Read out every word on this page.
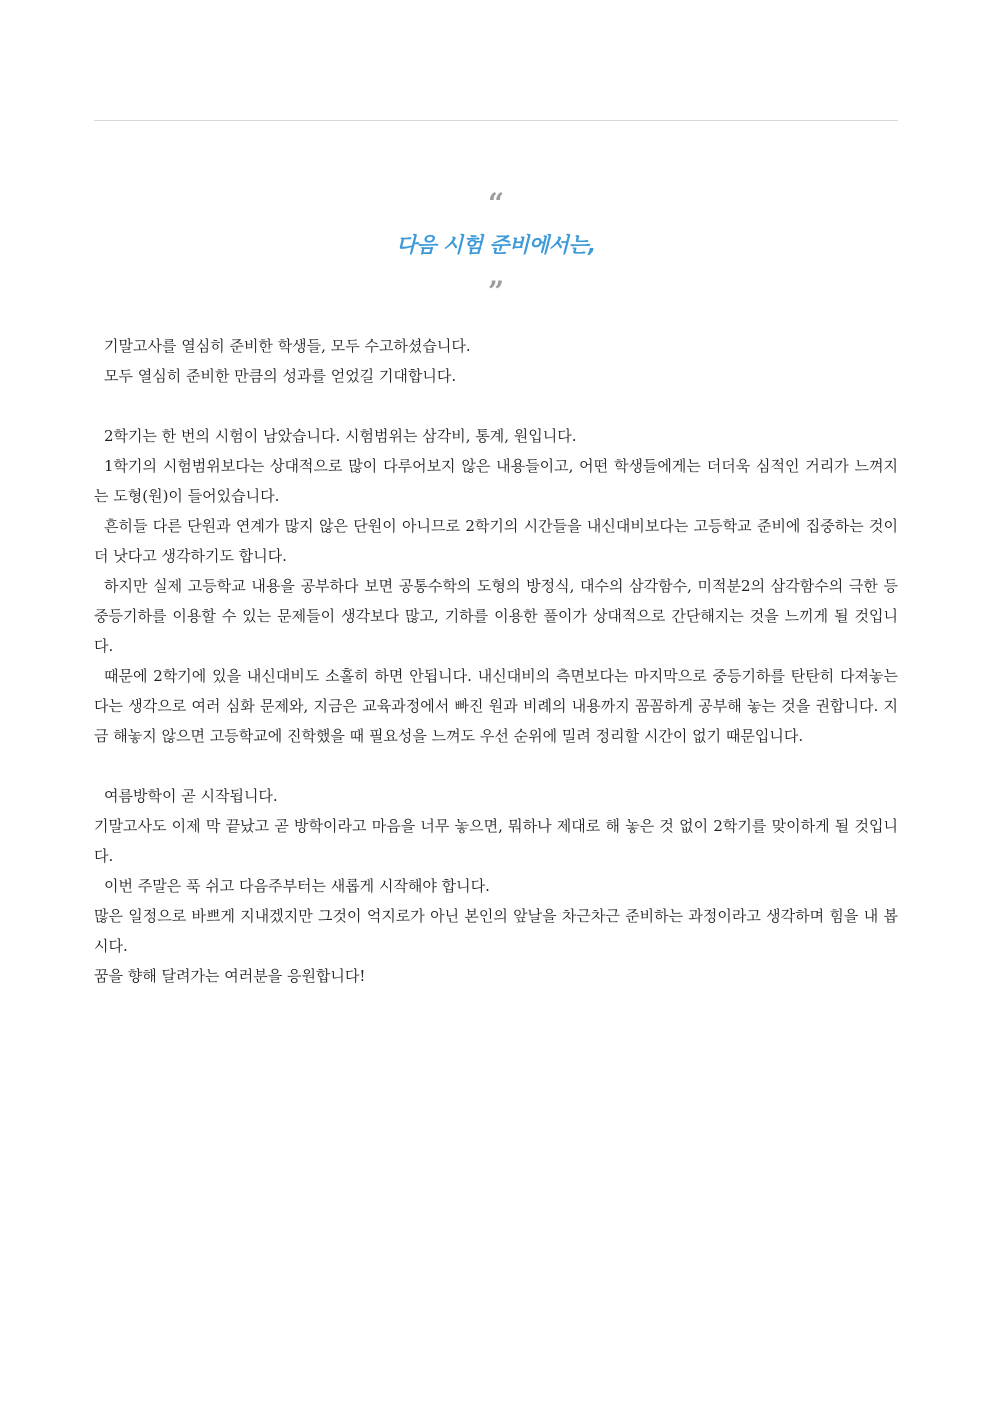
“
다음 시험 준비에서는,
”

기말고사를 열심히 준비한 학생들, 모두 수고하셨습니다.

모두 열심히 준비한 만큼의 성과를 얻었길 기대합니다.

2학기는 한 번의 시험이 남았습니다. 시험범위는 삼각비, 통계, 원입니다.

1학기의 시험범위보다는 상대적으로 많이 다루어보지 않은 내용들이고, 어떤 학생들에게는 더더욱 심적인 거리가 느껴지는 도형(원)이 들어있습니다.

흔히들 다른 단원과 연계가 많지 않은 단원이 아니므로 2학기의 시간들을 내신대비보다는 고등학교 준비에 집중하는 것이 더 낫다고 생각하기도 합니다.

하지만 실제 고등학교 내용을 공부하다 보면 공통수학의 도형의 방정식, 대수의 삼각함수, 미적분2의 삼각함수의 극한 등 중등기하를 이용할 수 있는 문제들이 생각보다 많고, 기하를 이용한 풀이가 상대적으로 간단해지는 것을 느끼게 될 것입니다.

때문에 2학기에 있을 내신대비도 소홀히 하면 안됩니다. 내신대비의 측면보다는 마지막으로 중등기하를 탄탄히 다져놓는다는 생각으로 여러 심화 문제와, 지금은 교육과정에서 빠진 원과 비례의 내용까지 꼼꼼하게 공부해 놓는 것을 권합니다. 지금 해놓지 않으면 고등학교에 진학했을 때 필요성을 느껴도 우선 순위에 밀려 정리할 시간이 없기 때문입니다.

여름방학이 곧 시작됩니다.

기말고사도 이제 막 끝났고 곧 방학이라고 마음을 너무 놓으면, 뭐하나 제대로 해 놓은 것 없이 2학기를 맞이하게 될 것입니다.

이번 주말은 푹 쉬고 다음주부터는 새롭게 시작해야 합니다.

많은 일정으로 바쁘게 지내겠지만 그것이 억지로가 아닌 본인의 앞날을 차근차근 준비하는 과정이라고 생각하며 힘을 내 봅시다.

꿈을 향해 달려가는 여러분을 응원합니다!
